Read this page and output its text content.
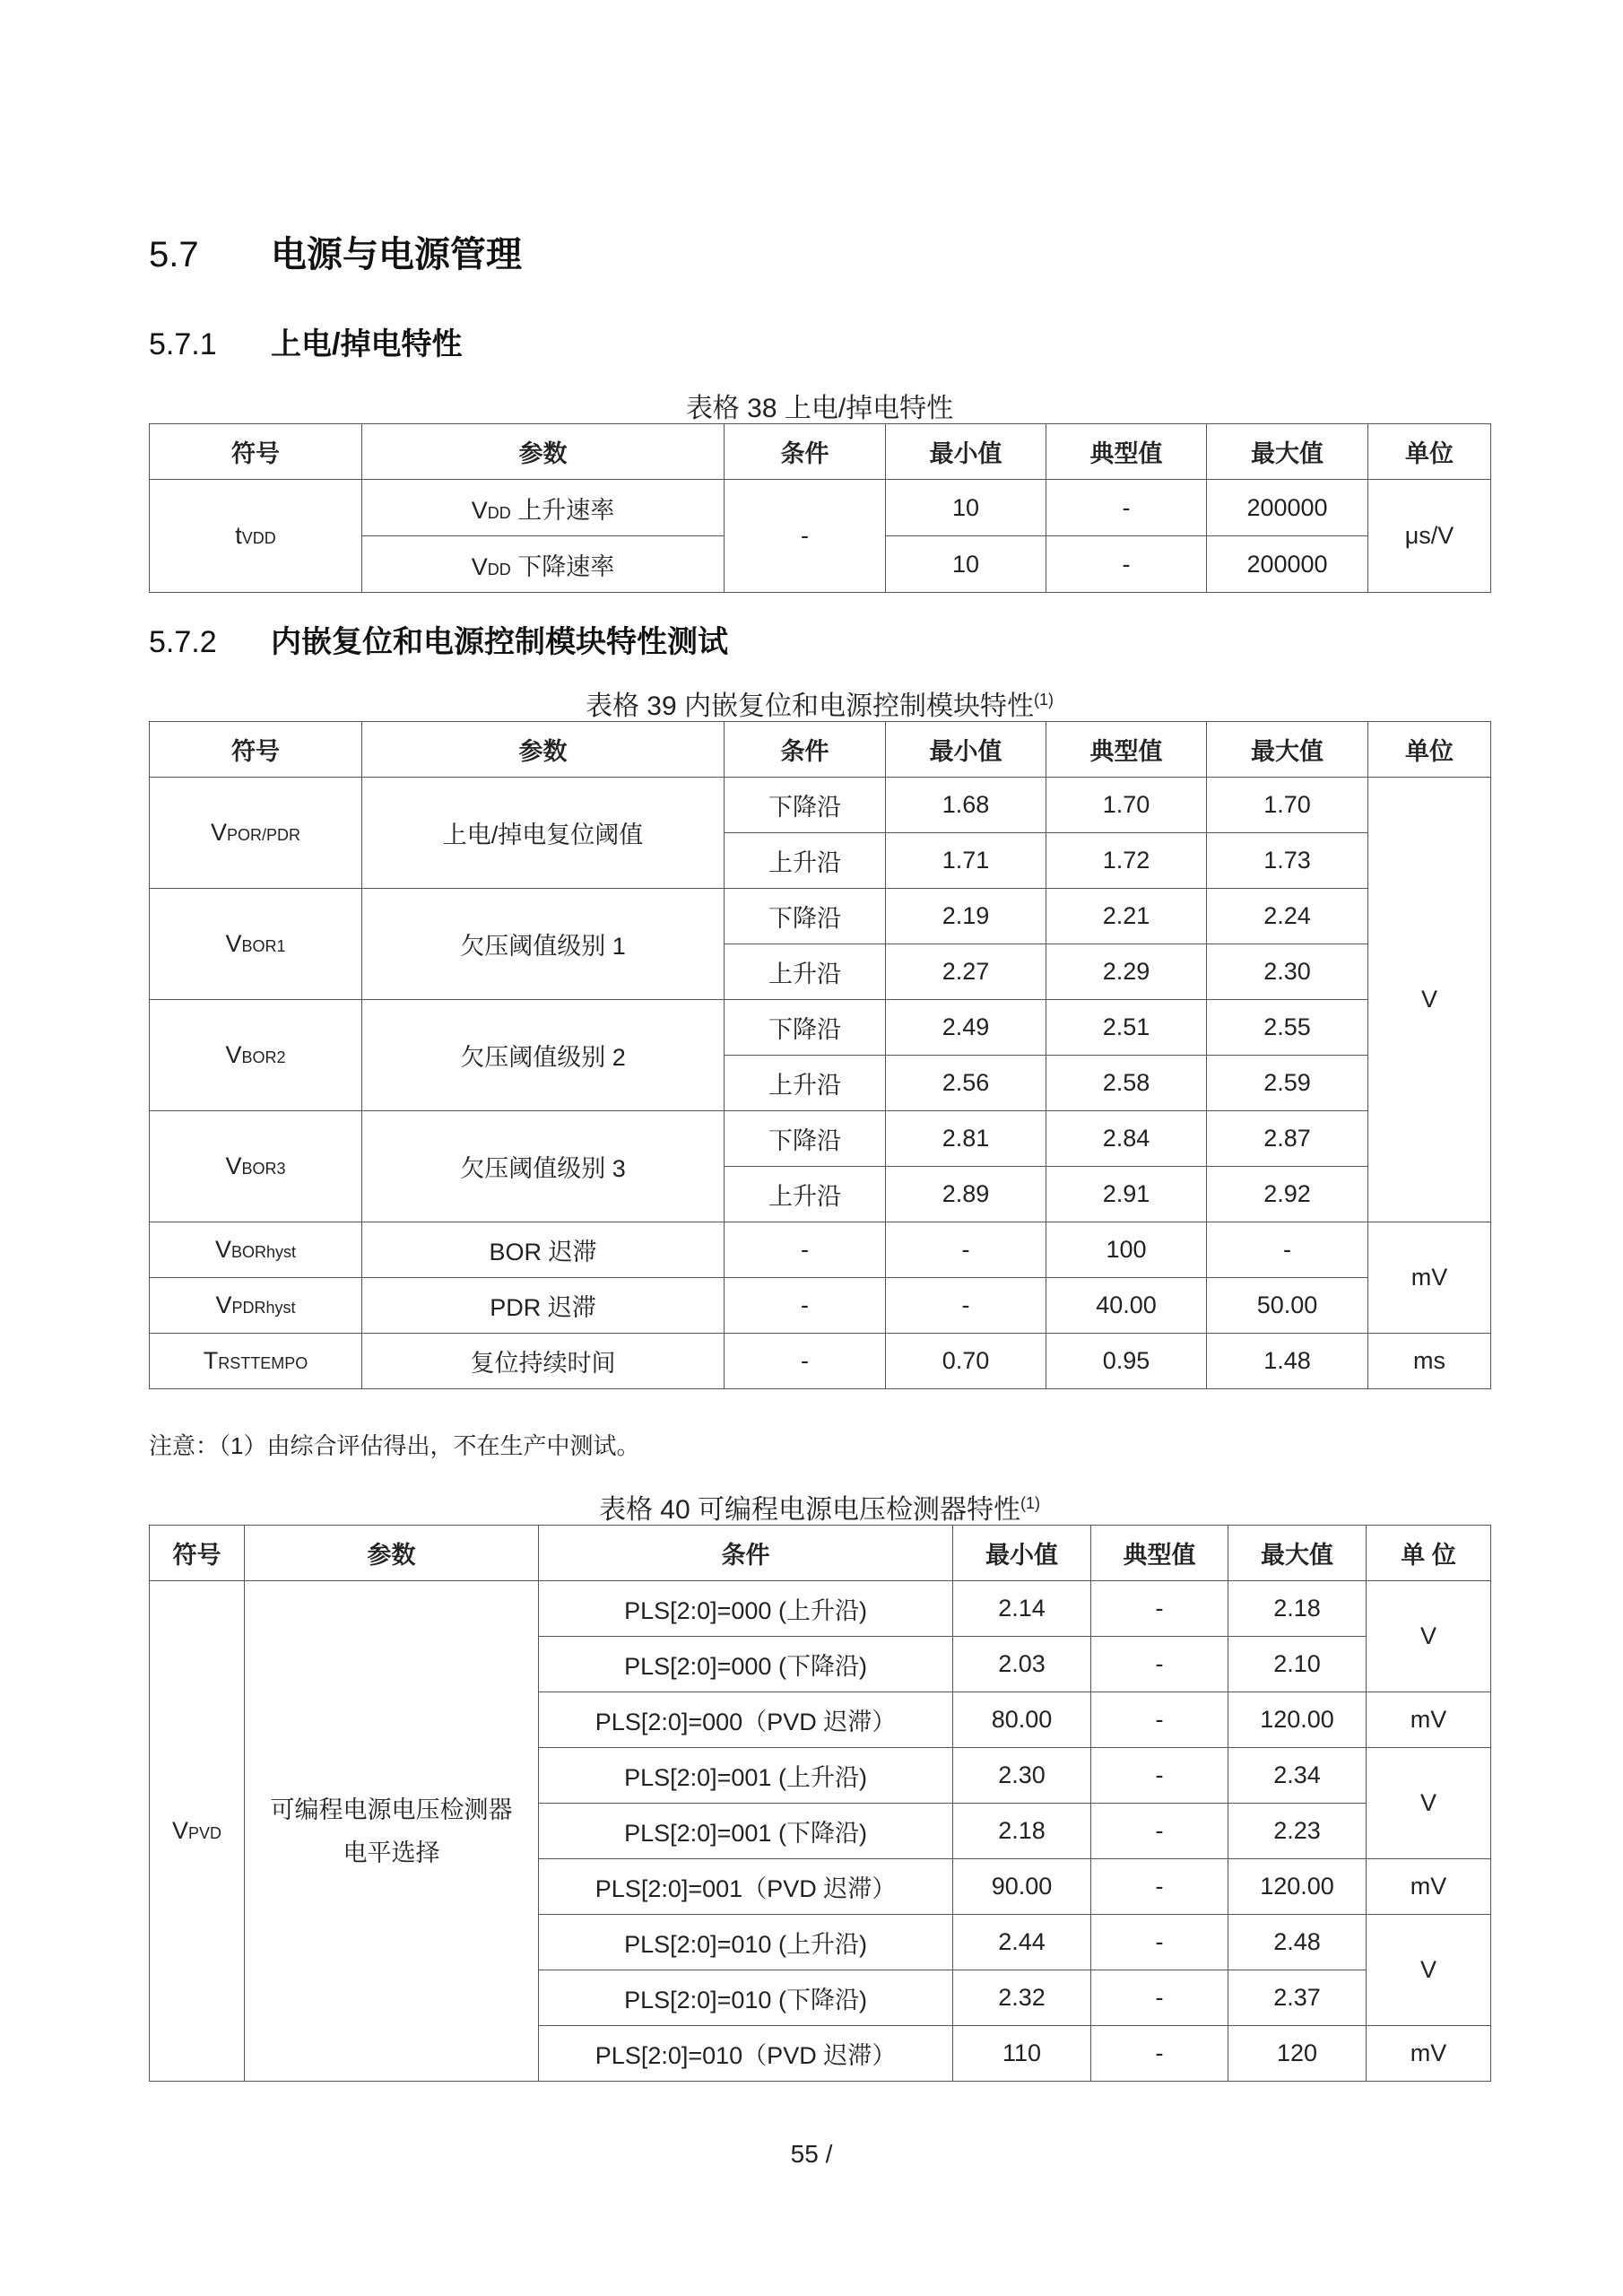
5.7 电源与电源管理
5.7.1 上电/掉电特性
表格 38 上电/掉电特性
符号	参数	条件	最小值	典型值	最大值	单位
tVDD	VDD 上升速率	-	10	-	200000	μs/V
	VDD 下降速率		10	-	200000	
5.7.2 内嵌复位和电源控制模块特性测试
表格 39 内嵌复位和电源控制模块特性$^{(1)}$
符号	参数	条件	最小值	典型值	最大值	单位
VPOR/PDR	上电/掉电复位阈值	下降沿	1.68	1.70	1.70	V
		上升沿	1.71	1.72	1.73	
VBOR1	欠压阈值级别 1	下降沿	2.19	2.21	2.24	
		上升沿	2.27	2.29	2.30	
VBOR2	欠压阈值级别 2	下降沿	2.49	2.51	2.55	
		上升沿	2.56	2.58	2.59	
VBOR3	欠压阈值级别 3	下降沿	2.81	2.84	2.87	
		上升沿	2.89	2.91	2.92	
VBORhyst	BOR 迟滞	-	-	100	-	mV
VPDRhyst	PDR 迟滞	-	-	40.00	50.00	
TRSTTEMPO	复位持续时间	-	0.70	0.95	1.48	ms
注意：（1）由综合评估得出，不在生产中测试。
表格 40 可编程电源电压检测器特性$^{(1)}$
符号	参数	条件	最小值	典型值	最大值	单 位
VPVD	可编程电源电压检测器
电平选择	PLS[2:0]=000 (上升沿)	2.14	-	2.18	V
		PLS[2:0]=000 (下降沿)	2.03	-	2.10	
		PLS[2:0]=000（PVD 迟滞）	80.00	-	120.00	mV
		PLS[2:0]=001 (上升沿)	2.30	-	2.34	V
		PLS[2:0]=001 (下降沿)	2.18	-	2.23	
		PLS[2:0]=001（PVD 迟滞）	90.00	-	120.00	mV
		PLS[2:0]=010 (上升沿)	2.44	-	2.48	V
		PLS[2:0]=010 (下降沿)	2.32	-	2.37	
		PLS[2:0]=010（PVD 迟滞）	110	-	120	mV
55 /
